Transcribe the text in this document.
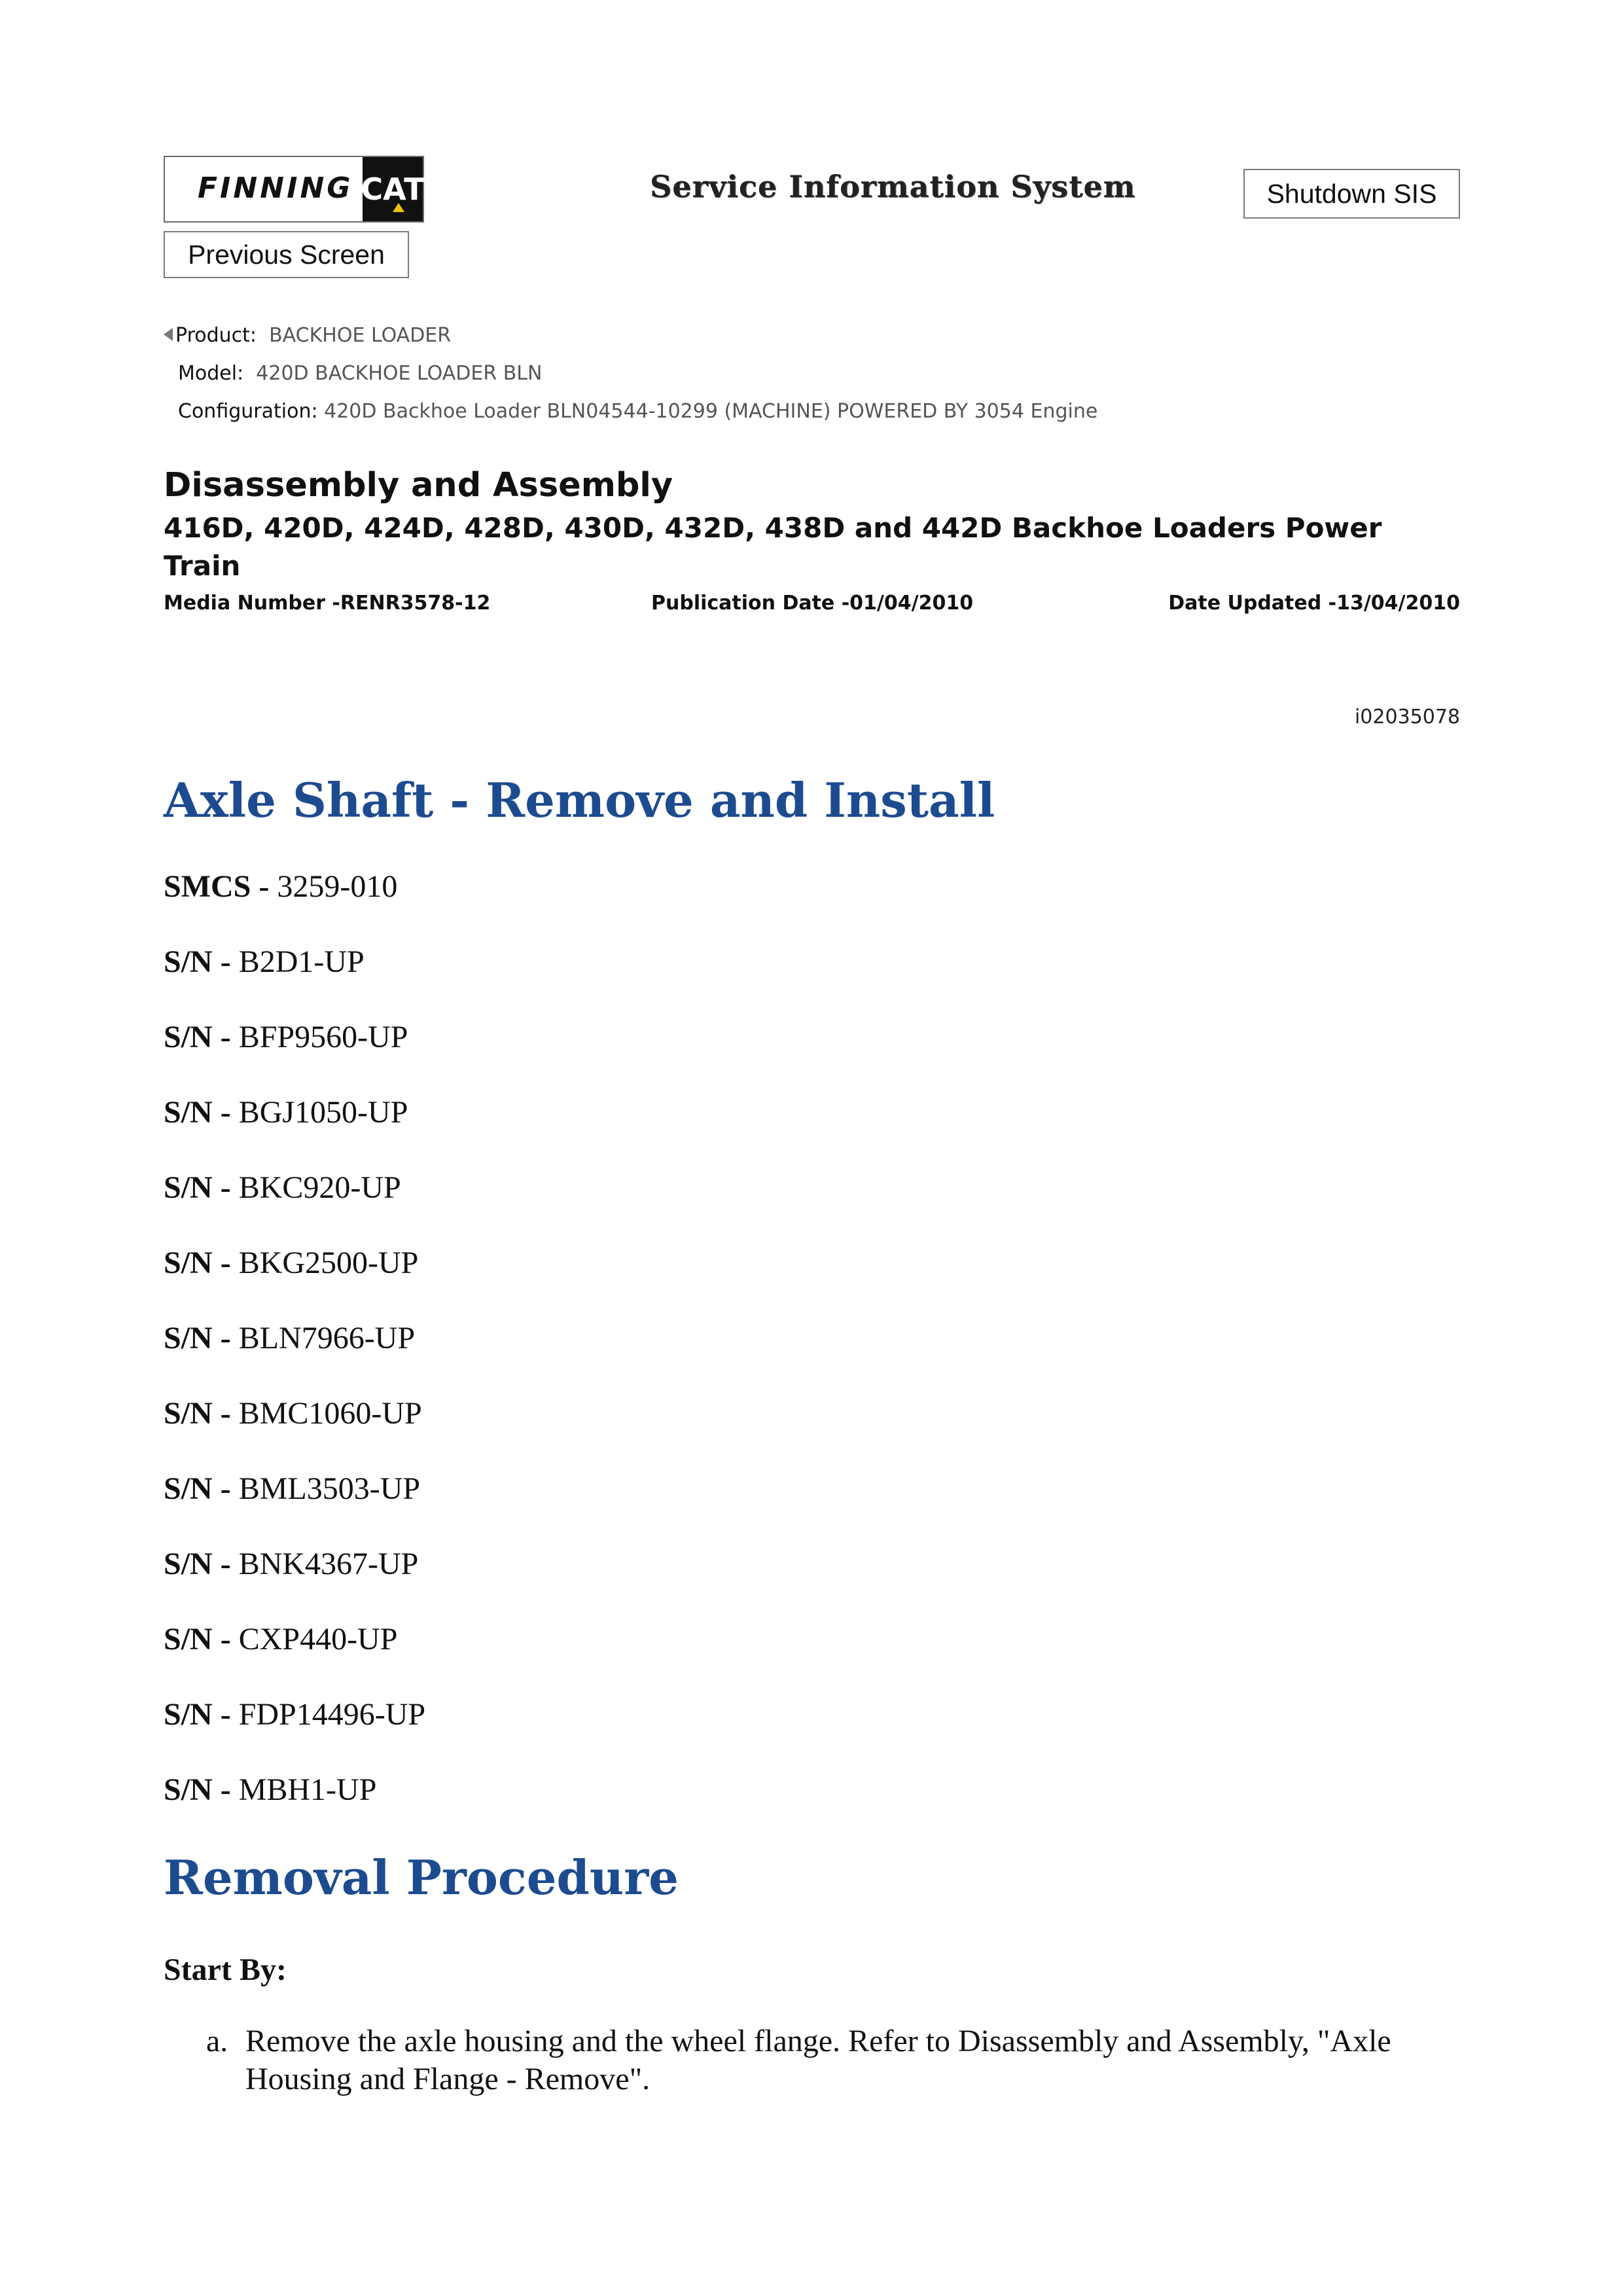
FINNING CAT	Service Information System	Shutdown SIS
Previous Screen
Product: BACKHOE LOADER
Model: 420D BACKHOE LOADER BLN
Configuration: 420D Backhoe Loader BLN04544-10299 (MACHINE) POWERED BY 3054 Engine
Disassembly and Assembly
416D, 420D, 424D, 428D, 430D, 432D, 438D and 442D Backhoe Loaders Power Train
Media Number -RENR3578-12	Publication Date -01/04/2010	Date Updated -13/04/2010
i02035078
Axle Shaft - Remove and Install
SMCS - 3259-010
S/N - B2D1-UP
S/N - BFP9560-UP
S/N - BGJ1050-UP
S/N - BKC920-UP
S/N - BKG2500-UP
S/N - BLN7966-UP
S/N - BMC1060-UP
S/N - BML3503-UP
S/N - BNK4367-UP
S/N - CXP440-UP
S/N - FDP14496-UP
S/N - MBH1-UP
Removal Procedure
Start By:
a. Remove the axle housing and the wheel flange. Refer to Disassembly and Assembly, "Axle Housing and Flange - Remove".
